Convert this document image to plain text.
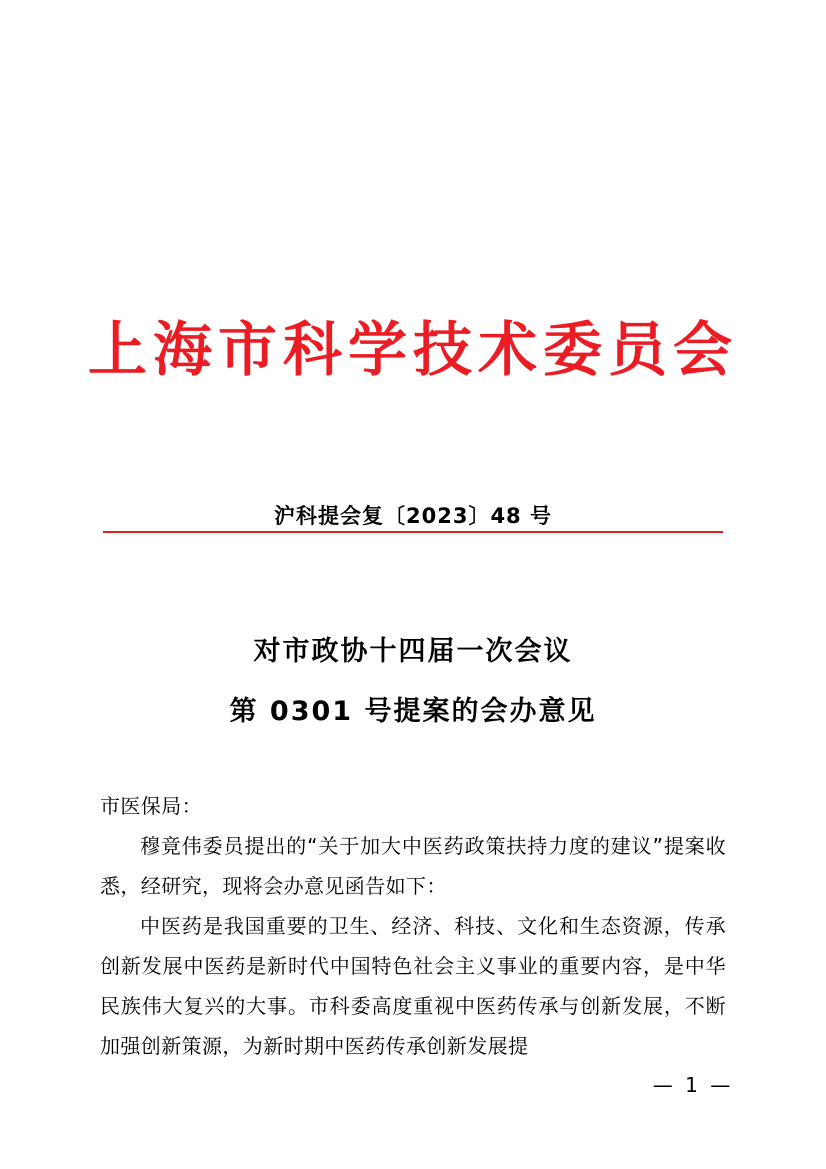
上海市科学技术委员会
沪科提会复〔2023〕48 号
对市政协十四届一次会议
第 0301 号提案的会办意见

市医保局：

穆竟伟委员提出的“关于加大中医药政策扶持力度的建议”提案收悉，经研究，现将会办意见函告如下：

中医药是我国重要的卫生、经济、科技、文化和生态资源，传承创新发展中医药是新时代中国特色社会主义事业的重要内容，是中华民族伟大复兴的大事。市科委高度重视中医药传承与创新发展，不断加强创新策源，为新时期中医药传承创新发展提

— 1 —
